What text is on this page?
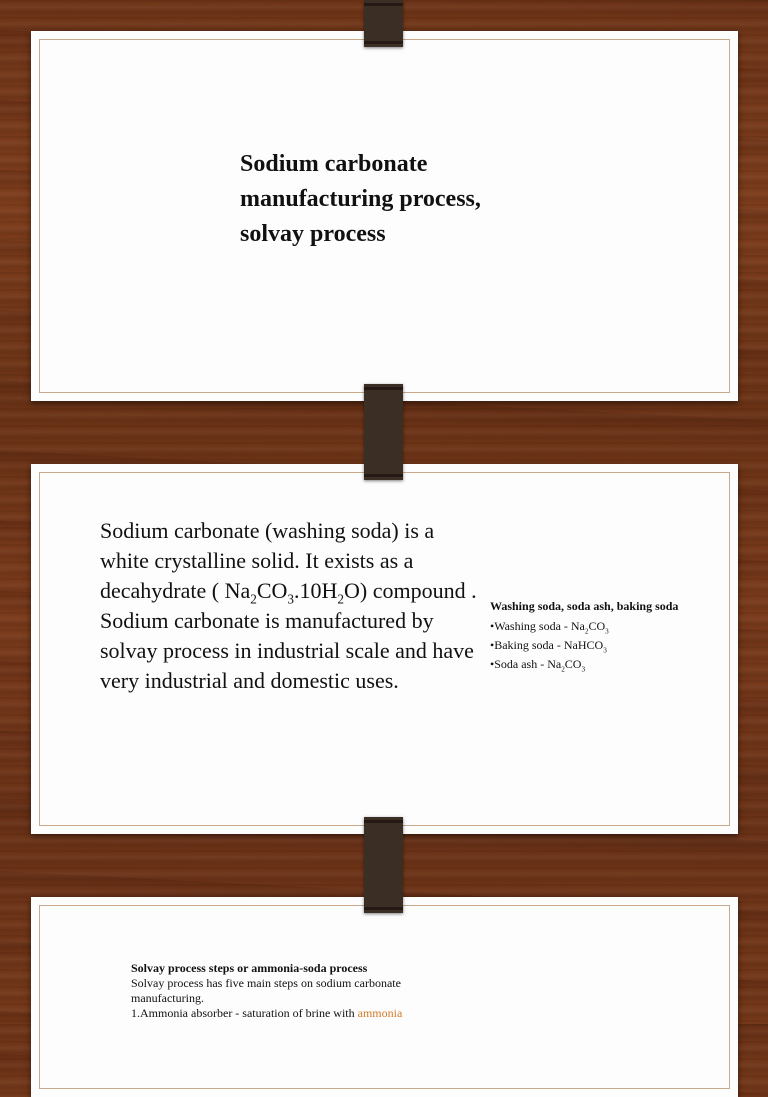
Sodium carbonate
manufacturing process,
solvay process
Sodium carbonate (washing soda) is a white crystalline solid. It exists as a decahydrate ( $Na_2CO_3.10H_2O$) compound . Sodium carbonate is manufactured by solvay process in industrial scale and have very industrial and domestic uses.
Washing soda, soda ash, baking soda
•Washing soda - $Na_2CO_3$
•Baking soda - NaHCO$_3$
•Soda ash - $Na_2CO_3$
Solvay process steps or ammonia-soda process
Solvay process has five main steps on sodium carbonate manufacturing.
1.Ammonia absorber - saturation of brine with ammonia
